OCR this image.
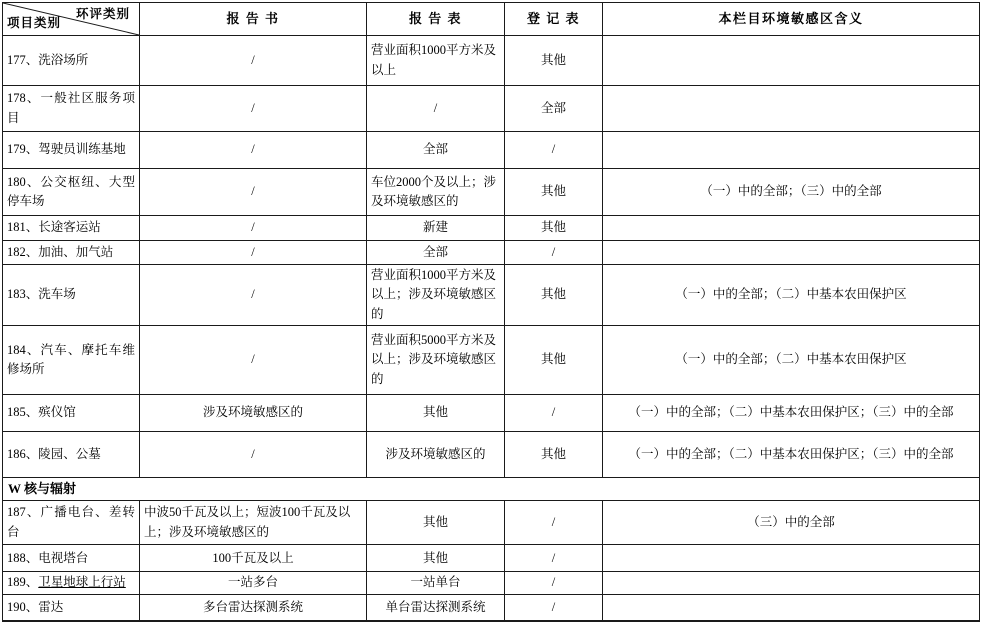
环评类别
项目类别	报 告 书	报 告 表	登 记 表	本栏目环境敏感区含义
177、洗浴场所	/	营业面积1000平方米及以上	其他	
178、一般社区服务项目	/	/	全部	
179、驾驶员训练基地	/	全部	/	
180、公交枢纽、大型停车场	/	车位2000个及以上；涉及环境敏感区的	其他	（一）中的全部；（三）中的全部
181、长途客运站	/	新建	其他	
182、加油、加气站	/	全部	/	
183、洗车场	/	营业面积1000平方米及以上；涉及环境敏感区的	其他	（一）中的全部；（二）中基本农田保护区
184、汽车、摩托车维修场所	/	营业面积5000平方米及以上；涉及环境敏感区的	其他	（一）中的全部；（二）中基本农田保护区
185、殡仪馆	涉及环境敏感区的	其他	/	（一）中的全部；（二）中基本农田保护区；（三）中的全部
186、陵园、公墓	/	涉及环境敏感区的	其他	（一）中的全部；（二）中基本农田保护区；（三）中的全部
W 核与辐射				
187、广播电台、差转台	中波50千瓦及以上；短波100千瓦及以上；涉及环境敏感区的	其他	/	（三）中的全部
188、电视塔台	100千瓦及以上	其他	/	
189、卫星地球上行站	一站多台	一站单台	/	
190、雷达	多台雷达探测系统	单台雷达探测系统	/	
